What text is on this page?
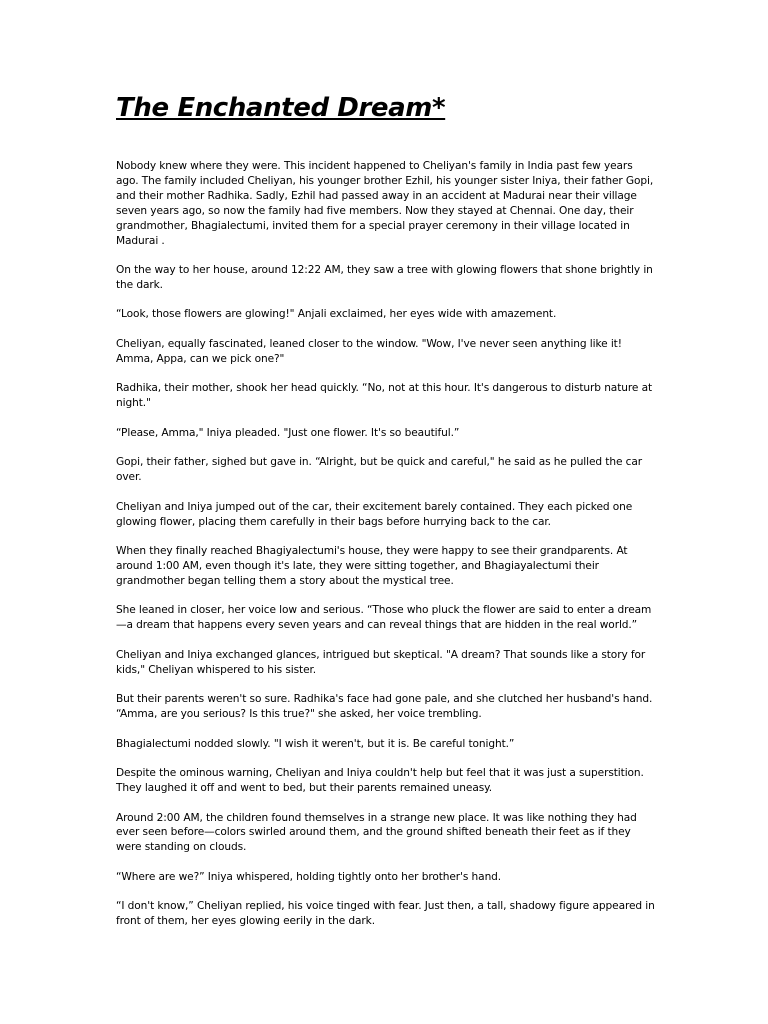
The Enchanted Dream*

Nobody knew where they were. This incident happened to Cheliyan's family in India past few years ago. The family included Cheliyan, his younger brother Ezhil, his younger sister Iniya, their father Gopi, and their mother Radhika. Sadly, Ezhil had passed away in an accident at Madurai near their village seven years ago, so now the family had five members. Now they stayed at Chennai. One day, their grandmother, Bhagialectumi, invited them for a special prayer ceremony in their village located in Madurai .

On the way to her house, around 12:22 AM, they saw a tree with glowing flowers that shone brightly in the dark.

“Look, those flowers are glowing!" Anjali exclaimed, her eyes wide with amazement.

Cheliyan, equally fascinated, leaned closer to the window. "Wow, I've never seen anything like it! Amma, Appa, can we pick one?"

Radhika, their mother, shook her head quickly. “No, not at this hour. It's dangerous to disturb nature at night."

“Please, Amma," Iniya pleaded. "Just one flower. It's so beautiful.”

Gopi, their father, sighed but gave in. “Alright, but be quick and careful," he said as he pulled the car over.

Cheliyan and Iniya jumped out of the car, their excitement barely contained. They each picked one glowing flower, placing them carefully in their bags before hurrying back to the car.

When they finally reached Bhagiyalectumi's house, they were happy to see their grandparents. At around 1:00 AM, even though it's late, they were sitting together, and Bhagiayalectumi their grandmother began telling them a story about the mystical tree.

She leaned in closer, her voice low and serious. “Those who pluck the flower are said to enter a dream—a dream that happens every seven years and can reveal things that are hidden in the real world.”

Cheliyan and Iniya exchanged glances, intrigued but skeptical. "A dream? That sounds like a story for kids," Cheliyan whispered to his sister.

But their parents weren't so sure. Radhika's face had gone pale, and she clutched her husband's hand. “Amma, are you serious? Is this true?" she asked, her voice trembling.

Bhagialectumi nodded slowly. "I wish it weren't, but it is. Be careful tonight.”

Despite the ominous warning, Cheliyan and Iniya couldn't help but feel that it was just a superstition. They laughed it off and went to bed, but their parents remained uneasy.

Around 2:00 AM, the children found themselves in a strange new place. It was like nothing they had ever seen before—colors swirled around them, and the ground shifted beneath their feet as if they were standing on clouds.

“Where are we?” Iniya whispered, holding tightly onto her brother's hand.

“I don't know,” Cheliyan replied, his voice tinged with fear. Just then, a tall, shadowy figure appeared in front of them, her eyes glowing eerily in the dark.
